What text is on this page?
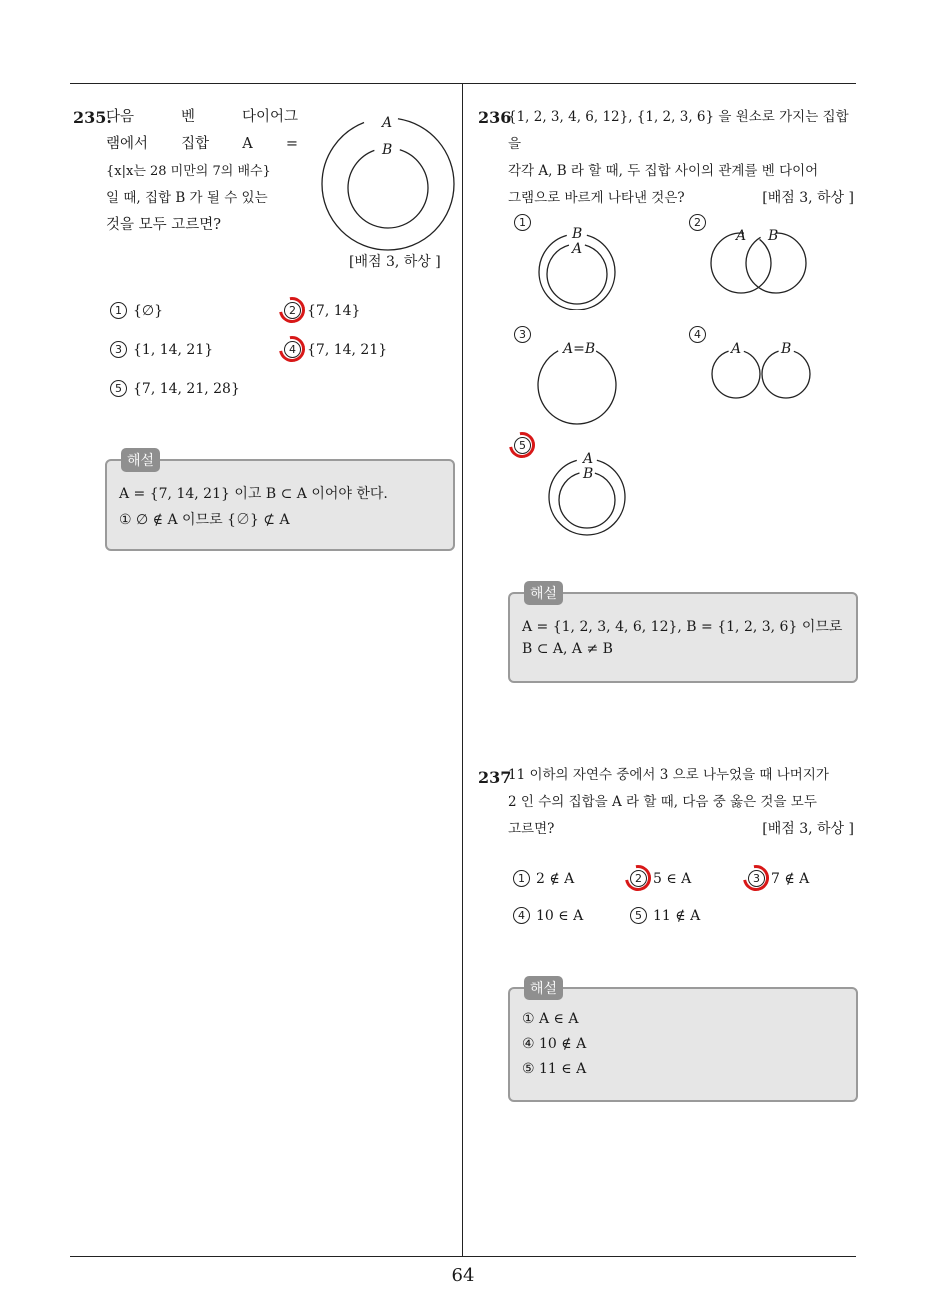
235.
다음 벤 다이어그
램에서 집합 A =
{x|x는 28 미만의 7의 배수}
일 때, 집합 B 가 될 수 있는
것을 모두 고르면?
A
B
[배점 3, 하상 ]
1 {∅}	2 {7, 14}
3 {1, 14, 21}	4 {7, 14, 21}
5 {7, 14, 21, 28}
해설
A = {7, 14, 21} 이고 B ⊂ A 이어야 한다.
① ∅ ∉ A 이므로 {∅} ⊄ A
236
{1, 2, 3, 4, 6, 12}, {1, 2, 3, 6} 을 원소로 가지는 집합을
각각 A, B 라 할 때, 두 집합 사이의 관계를 벤 다이어
그램으로 바르게 나타낸 것은?	[배점 3, 하상 ]
1
B
A
2
A B
3
A=B
4
A	B
5
A
B
해설
A = {1, 2, 3, 4, 6, 12}, B = {1, 2, 3, 6} 이므로
B ⊂ A, A ≠ B
237
11 이하의 자연수 중에서 3 으로 나누었을 때 나머지가
2 인 수의 집합을 A 라 할 때, 다음 중 옳은 것을 모두
고르면?	[배점 3, 하상 ]
1 2 ∉ A	2 5 ∈ A	3 7 ∉ A
4 10 ∈ A	5 11 ∉ A
해설
① A ∈ A
④ 10 ∉ A
⑤ 11 ∈ A
64
